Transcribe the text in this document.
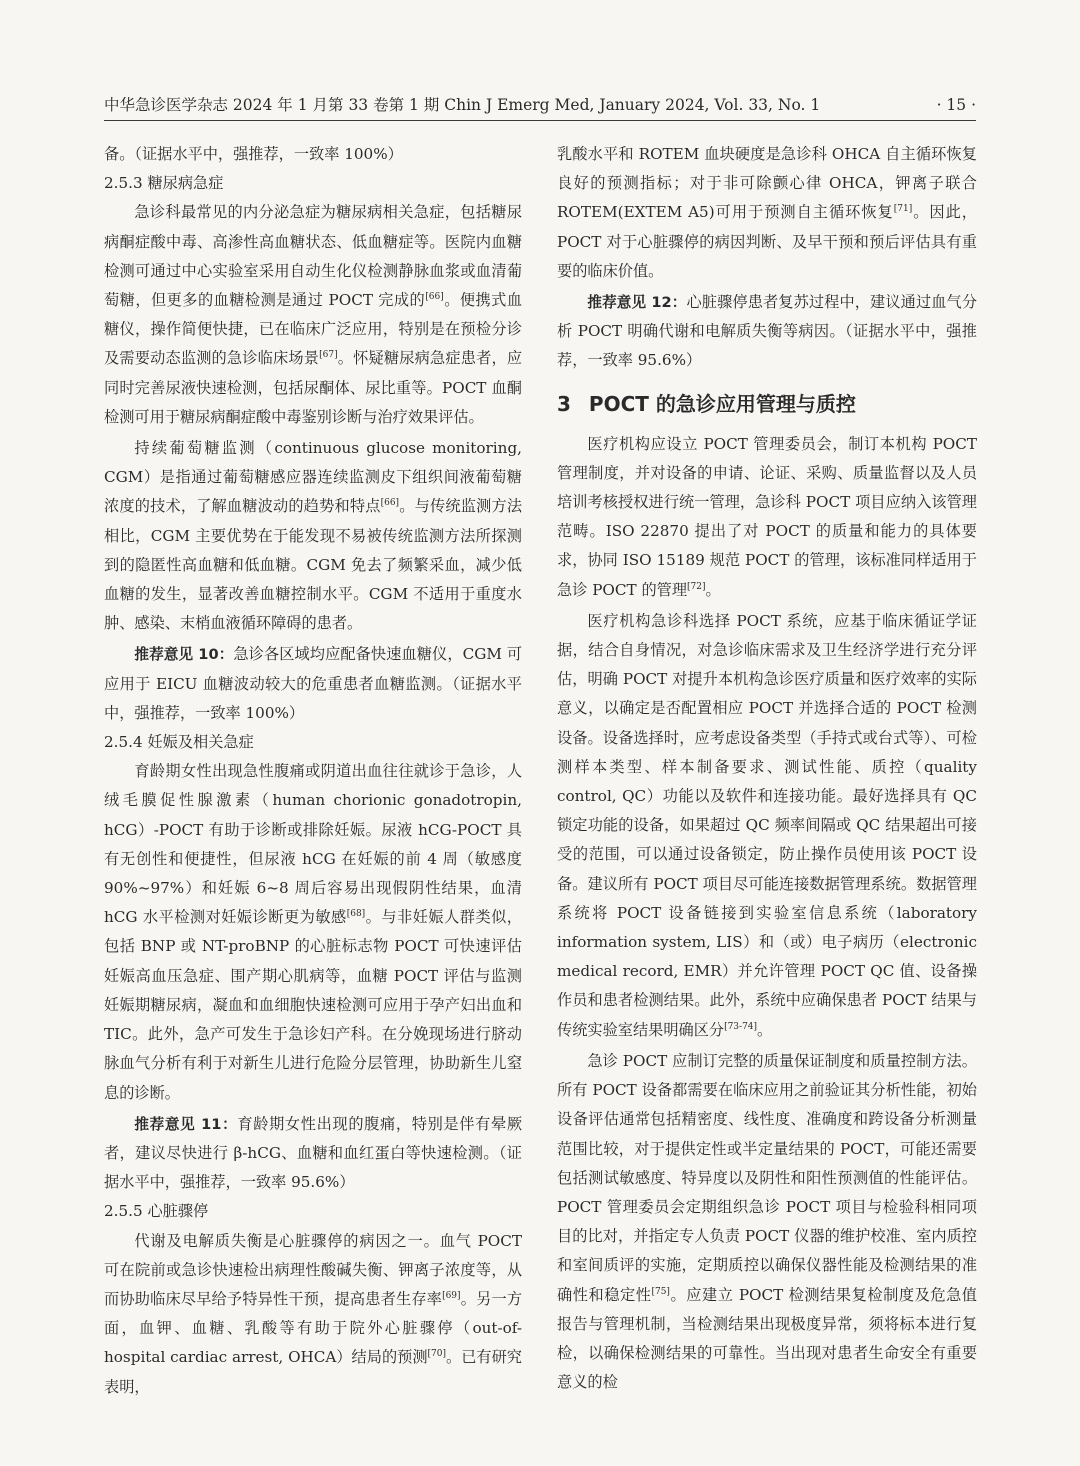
中华急诊医学杂志 2024 年 1 月第 33 卷第 1 期 Chin J Emerg Med, January 2024, Vol. 33, No. 1	· 15 ·

备。（证据水平中，强推荐，一致率 100%）

2.5.3 糖尿病急症

急诊科最常见的内分泌急症为糖尿病相关急症，包括糖尿病酮症酸中毒、高渗性高血糖状态、低血糖症等。医院内血糖检测可通过中心实验室采用自动生化仪检测静脉血浆或血清葡萄糖，但更多的血糖检测是通过 POCT 完成的[66]。便携式血糖仪，操作简便快捷，已在临床广泛应用，特别是在预检分诊及需要动态监测的急诊临床场景[67]。怀疑糖尿病急症患者，应同时完善尿液快速检测，包括尿酮体、尿比重等。POCT 血酮检测可用于糖尿病酮症酸中毒鉴别诊断与治疗效果评估。

持续葡萄糖监测（continuous glucose monitoring, CGM）是指通过葡萄糖感应器连续监测皮下组织间液葡萄糖浓度的技术，了解血糖波动的趋势和特点[66]。与传统监测方法相比，CGM 主要优势在于能发现不易被传统监测方法所探测到的隐匿性高血糖和低血糖。CGM 免去了频繁采血，减少低血糖的发生，显著改善血糖控制水平。CGM 不适用于重度水肿、感染、末梢血液循环障碍的患者。

推荐意见 10：急诊各区域均应配备快速血糖仪，CGM 可应用于 EICU 血糖波动较大的危重患者血糖监测。（证据水平中，强推荐，一致率 100%）

2.5.4 妊娠及相关急症

育龄期女性出现急性腹痛或阴道出血往往就诊于急诊，人绒毛膜促性腺激素（human chorionic gonadotropin, hCG）-POCT 有助于诊断或排除妊娠。尿液 hCG-POCT 具有无创性和便捷性，但尿液 hCG 在妊娠的前 4 周（敏感度 90%~97%）和妊娠 6~8 周后容易出现假阴性结果，血清 hCG 水平检测对妊娠诊断更为敏感[68]。与非妊娠人群类似，包括 BNP 或 NT-proBNP 的心脏标志物 POCT 可快速评估妊娠高血压急症、围产期心肌病等，血糖 POCT 评估与监测妊娠期糖尿病，凝血和血细胞快速检测可应用于孕产妇出血和 TIC。此外，急产可发生于急诊妇产科。在分娩现场进行脐动脉血气分析有利于对新生儿进行危险分层管理，协助新生儿窒息的诊断。

推荐意见 11：育龄期女性出现的腹痛，特别是伴有晕厥者，建议尽快进行 β-hCG、血糖和血红蛋白等快速检测。（证据水平中，强推荐，一致率 95.6%）

2.5.5 心脏骤停

代谢及电解质失衡是心脏骤停的病因之一。血气 POCT 可在院前或急诊快速检出病理性酸碱失衡、钾离子浓度等，从而协助临床尽早给予特异性干预，提高患者生存率[69]。另一方面，血钾、血糖、乳酸等有助于院外心脏骤停（out-of-hospital cardiac arrest, OHCA）结局的预测[70]。已有研究表明，

乳酸水平和 ROTEM 血块硬度是急诊科 OHCA 自主循环恢复良好的预测指标；对于非可除颤心律 OHCA，钾离子联合 ROTEM(EXTEM A5)可用于预测自主循环恢复[71]。因此，POCT 对于心脏骤停的病因判断、及早干预和预后评估具有重要的临床价值。

推荐意见 12：心脏骤停患者复苏过程中，建议通过血气分析 POCT 明确代谢和电解质失衡等病因。（证据水平中，强推荐，一致率 95.6%）

3 POCT 的急诊应用管理与质控

医疗机构应设立 POCT 管理委员会，制订本机构 POCT 管理制度，并对设备的申请、论证、采购、质量监督以及人员培训考核授权进行统一管理，急诊科 POCT 项目应纳入该管理范畴。ISO 22870 提出了对 POCT 的质量和能力的具体要求，协同 ISO 15189 规范 POCT 的管理，该标准同样适用于急诊 POCT 的管理[72]。

医疗机构急诊科选择 POCT 系统，应基于临床循证学证据，结合自身情况，对急诊临床需求及卫生经济学进行充分评估，明确 POCT 对提升本机构急诊医疗质量和医疗效率的实际意义，以确定是否配置相应 POCT 并选择合适的 POCT 检测设备。设备选择时，应考虑设备类型（手持式或台式等）、可检测样本类型、样本制备要求、测试性能、质控（quality control, QC）功能以及软件和连接功能。最好选择具有 QC 锁定功能的设备，如果超过 QC 频率间隔或 QC 结果超出可接受的范围，可以通过设备锁定，防止操作员使用该 POCT 设备。建议所有 POCT 项目尽可能连接数据管理系统。数据管理系统将 POCT 设备链接到实验室信息系统（laboratory information system, LIS）和（或）电子病历（electronic medical record, EMR）并允许管理 POCT QC 值、设备操作员和患者检测结果。此外，系统中应确保患者 POCT 结果与传统实验室结果明确区分[73-74]。

急诊 POCT 应制订完整的质量保证制度和质量控制方法。所有 POCT 设备都需要在临床应用之前验证其分析性能，初始设备评估通常包括精密度、线性度、准确度和跨设备分析测量范围比较，对于提供定性或半定量结果的 POCT，可能还需要包括测试敏感度、特异度以及阴性和阳性预测值的性能评估。POCT 管理委员会定期组织急诊 POCT 项目与检验科相同项目的比对，并指定专人负责 POCT 仪器的维护校准、室内质控和室间质评的实施，定期质控以确保仪器性能及检测结果的准确性和稳定性[75]。应建立 POCT 检测结果复检制度及危急值报告与管理机制，当检测结果出现极度异常，须将标本进行复检，以确保检测结果的可靠性。当出现对患者生命安全有重要意义的检
